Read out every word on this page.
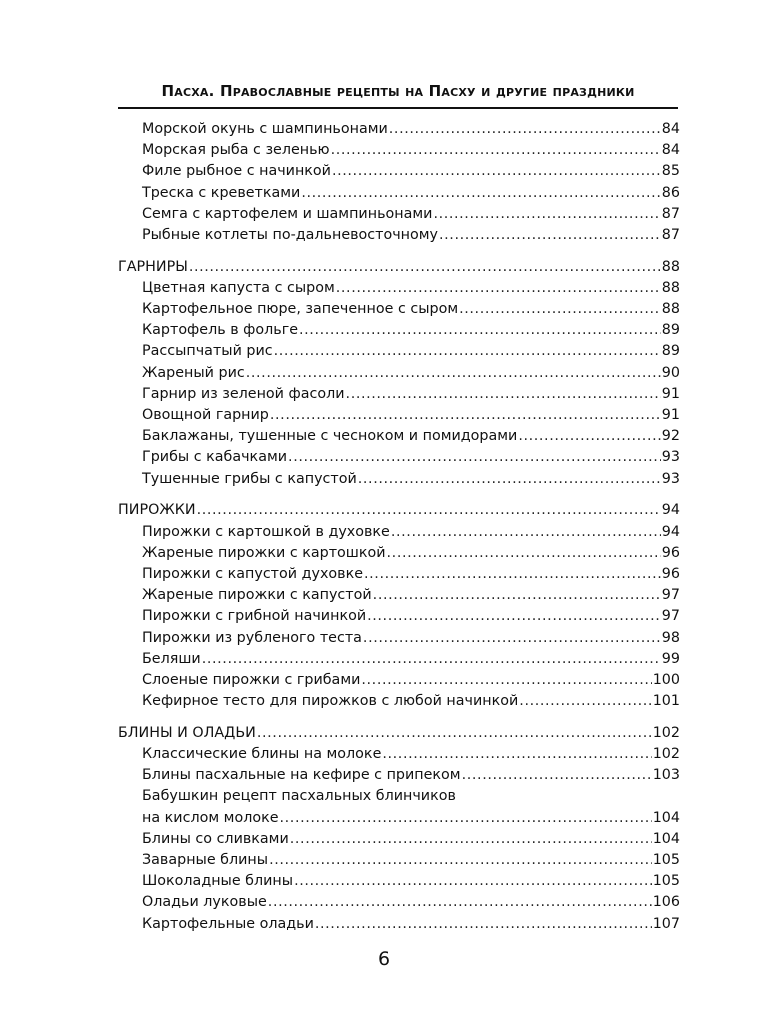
Пасха. Православные рецепты на Пасху и другие праздники
Морской окунь с шампиньонами .....	84
Морская рыба с зеленью .....	84
Филе рыбное с начинкой .....	85
Треска с креветками .....	86
Семга с картофелем и шампиньонами .....	87
Рыбные котлеты по-дальневосточному .....	87
ГАРНИРЫ .....	88
Цветная капуста с сыром .....	88
Картофельное пюре, запеченное с сыром .....	88
Картофель в фольге .....	89
Рассыпчатый рис .....	89
Жареный рис .....	90
Гарнир из зеленой фасоли .....	91
Овощной гарнир .....	91
Баклажаны, тушенные с чесноком и помидорами .....	92
Грибы с кабачками .....	93
Тушенные грибы с капустой .....	93
ПИРОЖКИ .....	94
Пирожки с картошкой в духовке .....	94
Жареные пирожки с картошкой .....	96
Пирожки с капустой духовке .....	96
Жареные пирожки с капустой .....	97
Пирожки с грибной начинкой .....	97
Пирожки из рубленого теста .....	98
Беляши .....	99
Слоеные пирожки с грибами .....	100
Кефирное тесто для пирожков с любой начинкой .....	101
БЛИНЫ И ОЛАДЬИ .....	102
Классические блины на молоке .....	102
Блины пасхальные на кефире с припеком .....	103
Бабушкин рецепт пасхальных блинчиков
на кислом молоке .....	104
Блины со сливками .....	104
Заварные блины .....	105
Шоколадные блины .....	105
Оладьи луковые .....	106
Картофельные оладьи .....	107
6
